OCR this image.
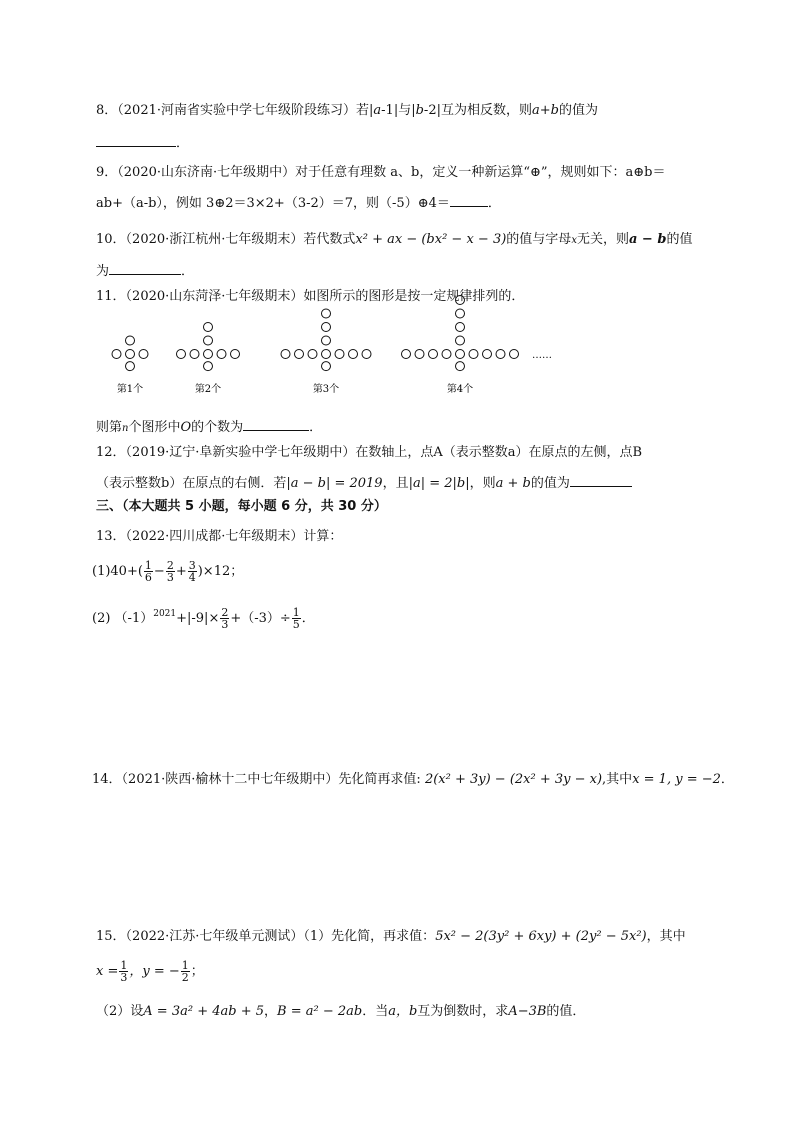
8．（2021·河南省实验中学七年级阶段练习）若|a-1|与|b-2|互为相反数，则a+b的值为
．
9．（2020·山东济南·七年级期中）对于任意有理数 a、b，定义一种新运算“⊕”，规则如下：a⊕b＝
ab+（a-b），例如 3⊕2＝3×2+（3-2）＝7，则（-5）⊕4＝	．
10．（2020·浙江杭州·七年级期末）若代数式x² + ax − (bx² − x − 3)的值与字母x无关，则a − b的值
为	．
11．（2020·山东菏泽·七年级期末）如图所示的图形是按一定规律排列的．
第1个	第2个	第3个	第4个
……
则第n个图形中O的个数为	．
12．（2019·辽宁·阜新实验中学七年级期中）在数轴上，点A（表示整数a）在原点的左侧，点B
（表示整数b）在原点的右侧．若|a − b| = 2019，且|a| = 2|b|，则a + b的值为
三、（本大题共 5 小题，每小题 6 分，共 30 分）
13．（2022·四川成都·七年级期末）计算：
$(1)40+( \frac{1}{6} - \frac{2}{3} + \frac{3}{4} )\times 12$；
(2) $(-1)^{2021}+|-9|\times \frac{2}{3} +(-3)\div \frac{1}{5}$ ．
14．（2021·陕西·榆林十二中七年级期中）先化简再求值: 2(x² + 3y) − (2x² + 3y − x),其中x = 1, y = −2．
15．（2022·江苏·七年级单元测试）（1）先化简，再求值：5x² − 2(3y² + 6xy) + (2y² − 5x²)，其中
$x = \frac{1}{3}$ ，y = − $\frac{1}{2}$ ；
（2）设A = 3a² + 4ab + 5，B = a² − 2ab．当a，b互为倒数时，求A−3B的值．
